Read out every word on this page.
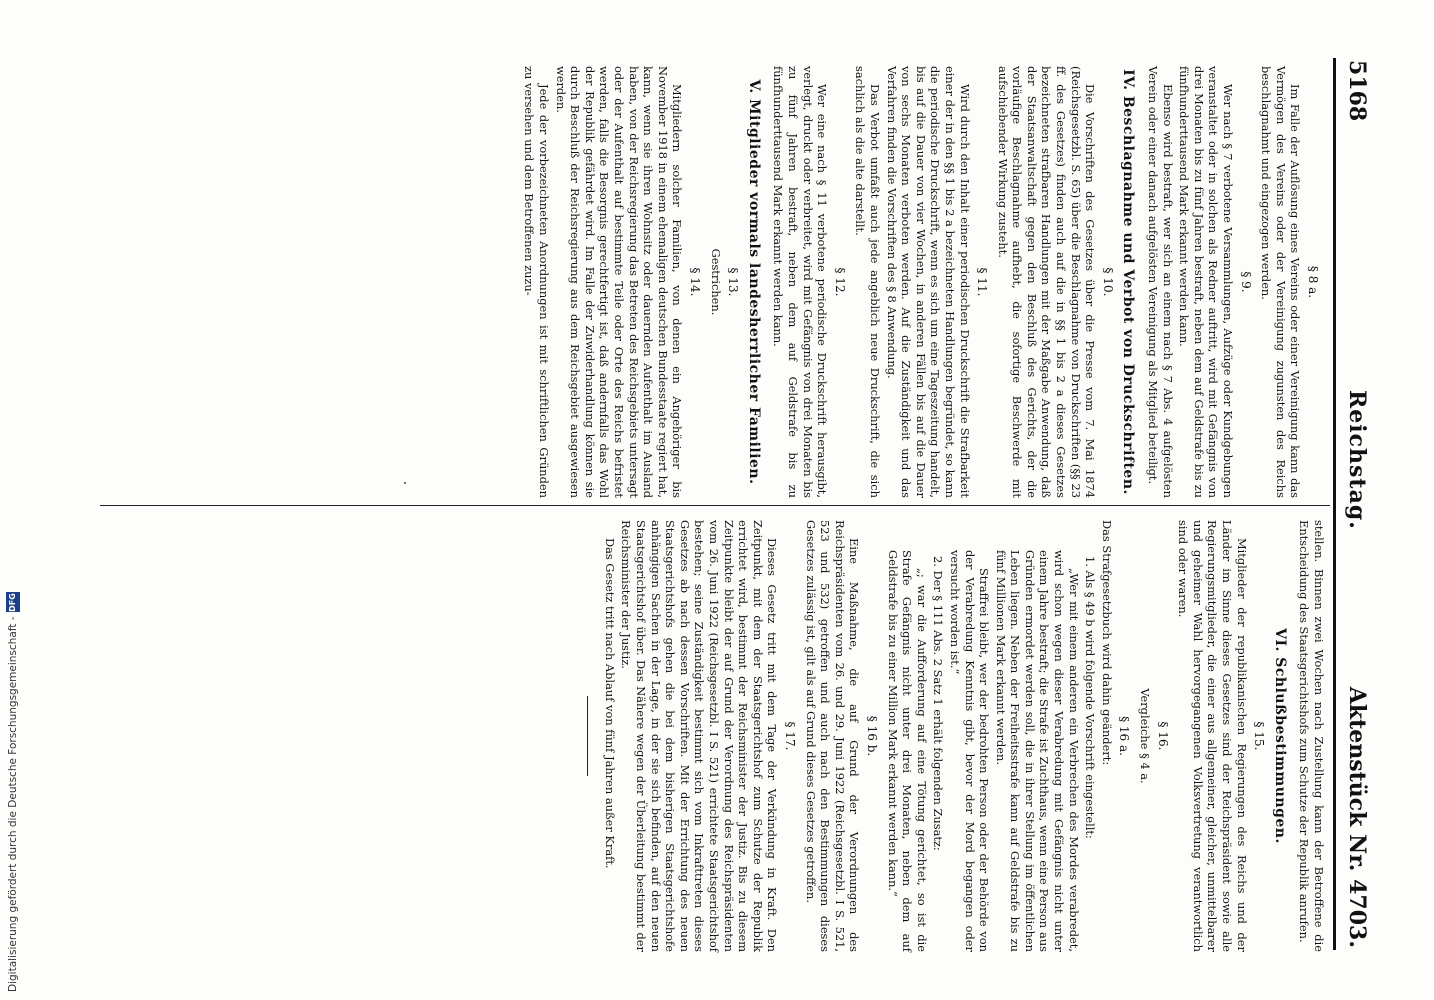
5168
Reichstag.
Aktenstück Nr. 4703.
§ 8 a.

Im Falle der Auflösung eines Vereins oder einer Vereinigung kann das Vermögen des Vereins oder der Vereinigung zugunsten des Reichs beschlagnahmt und eingezogen werden.

§ 9.

Wer nach § 7 verbotene Versammlungen, Aufzüge oder Kundgebungen veranstaltet oder in solchen als Redner auftritt, wird mit Gefängnis von drei Monaten bis zu fünf Jahren bestraft, neben dem auf Geldstrafe bis zu fünfhunderttausend Mark erkannt werden kann.

Ebenso wird bestraft, wer sich an einem nach § 7 Abs. 4 aufgelösten Verein oder einer danach aufgelösten Vereinigung als Mitglied beteiligt.

IV. Beschlagnahme und Verbot von Druckschriften.
§ 10.

Die Vorschriften des Gesetzes über die Presse vom 7. Mai 1874 (Reichsgesetzbl. S. 65) über die Beschlagnahme von Druckschriften (§§ 23 ff. des Gesetzes) finden auch auf die in §§ 1 bis 2 a dieses Gesetzes bezeichneten strafbaren Handlungen mit der Maßgabe Anwendung, daß der Staatsanwaltschaft gegen den Beschluß des Gerichts, der die vorläufige Beschlagnahme aufhebt, die sofortige Beschwerde mit aufschiebender Wirkung zusteht.

§ 11.

Wird durch den Inhalt einer periodischen Druckschrift die Strafbarkeit einer der in den §§ 1 bis 2 a bezeichneten Handlungen begründet, so kann die periodische Druckschrift, wenn es sich um eine Tageszeitung handelt, bis auf die Dauer von vier Wochen, in anderen Fällen bis auf die Dauer von sechs Monaten verboten werden. Auf die Zuständigkeit und das Verfahren finden die Vorschriften des § 8 Anwendung.

Das Verbot umfaßt auch jede angeblich neue Druckschrift, die sich sachlich als die alte darstellt.

§ 12.

Wer eine nach § 11 verbotene periodische Druckschrift herausgibt, verlegt, druckt oder verbreitet, wird mit Gefängnis von drei Monaten bis zu fünf Jahren bestraft, neben dem auf Geldstrafe bis zu fünfhunderttausend Mark erkannt werden kann.

V. Mitglieder vormals landesherrlicher Familien.
§ 13.
Gestrichen.
§ 14.

Mitgliedern solcher Familien, von denen ein Angehöriger bis November 1918 in einem ehemaligen deutschen Bundesstaate regiert hat, kann, wenn sie ihren Wohnsitz oder dauernden Aufenthalt im Ausland haben, von der Reichsregierung das Betreten des Reichsgebiets untersagt oder der Aufenthalt auf bestimmte Teile oder Orte des Reichs befristet werden, falls die Besorgnis gerechtfertigt ist, daß andernfalls das Wohl der Republik gefährdet wird. Im Falle der Zuwiderhandlung können sie durch Beschluß der Reichsregierung aus dem Reichsgebiet ausgewiesen werden.

Jede der vorbezeichneten Anordnungen ist mit schriftlichen Gründen zu versehen und dem Betroffenen zuzu-

stellen. Binnen zwei Wochen nach Zustellung kann der Betroffene die Entscheidung des Staatsgerichtshofs zum Schutze der Republik anrufen.

VI. Schlußbestimmungen.
§ 15.

Mitglieder der republikanischen Regierungen des Reichs und der Länder im Sinne dieses Gesetzes sind der Reichspräsident sowie alle Regierungsmitglieder, die einer aus allgemeiner, gleicher, unmittelbarer und geheimer Wahl hervorgegangenen Volksvertretung verantwortlich sind oder waren.

§ 16.
Vergleiche § 4 a.
§ 16 a.

Das Strafgesetzbuch wird dahin geändert:

1. Als § 49 b wird folgende Vorschrift eingestellt:

„Wer mit einem anderen ein Verbrechen des Mordes verabredet, wird schon wegen dieser Verabredung mit Gefängnis nicht unter einem Jahre bestraft; die Strafe ist Zuchthaus, wenn eine Person aus Gründen ermordet werden soll, die in ihrer Stellung im öffentlichen Leben liegen. Neben der Freiheitsstrafe kann auf Geldstrafe bis zu fünf Millionen Mark erkannt werden.

Straffrei bleibt, wer der bedrohten Person oder der Behörde von der Verabredung Kenntnis gibt, bevor der Mord begangen oder versucht worden ist.“

2. Der § 111 Abs. 2 Satz 1 erhält folgenden Zusatz:

„; war die Aufforderung auf eine Tötung gerichtet, so ist die Strafe Gefängnis nicht unter drei Monaten, neben dem auf Geldstrafe bis zu einer Million Mark erkannt werden kann.“

§ 16 b.

Eine Maßnahme, die auf Grund der Verordnungen des Reichspräsidenten vom 26. und 29. Juni 1922 (Reichsgesetzbl. I S. 521, 523 und 532) getroffen und auch nach den Bestimmungen dieses Gesetzes zulässig ist, gilt als auf Grund dieses Gesetzes getroffen.

§ 17.

Dieses Gesetz tritt mit dem Tage der Verkündung in Kraft. Den Zeitpunkt, mit dem der Staatsgerichtshof zum Schutze der Republik errichtet wird, bestimmt der Reichsminister der Justiz. Bis zu diesem Zeitpunkte bleibt der auf Grund der Verordnung des Reichspräsidenten vom 26. Juni 1922 (Reichsgesetzbl. I S. 521) errichtete Staatsgerichtshof bestehen; seine Zuständigkeit bestimmt sich vom Inkrafttreten dieses Gesetzes ab nach dessen Vorschriften. Mit der Errichtung des neuen Staatsgerichtshofs gehen die bei dem bisherigen Staatsgerichtshofe anhängigen Sachen in der Lage, in der sie sich befinden, auf den neuen Staatsgerichtshof über. Das Nähere wegen der Überleitung bestimmt der Reichsminister der Justiz.

Das Gesetz tritt nach Ablauf von fünf Jahren außer Kraft.

Digitalisierung gefördert durch die Deutsche Forschungsgemeinschaft -
DFG
